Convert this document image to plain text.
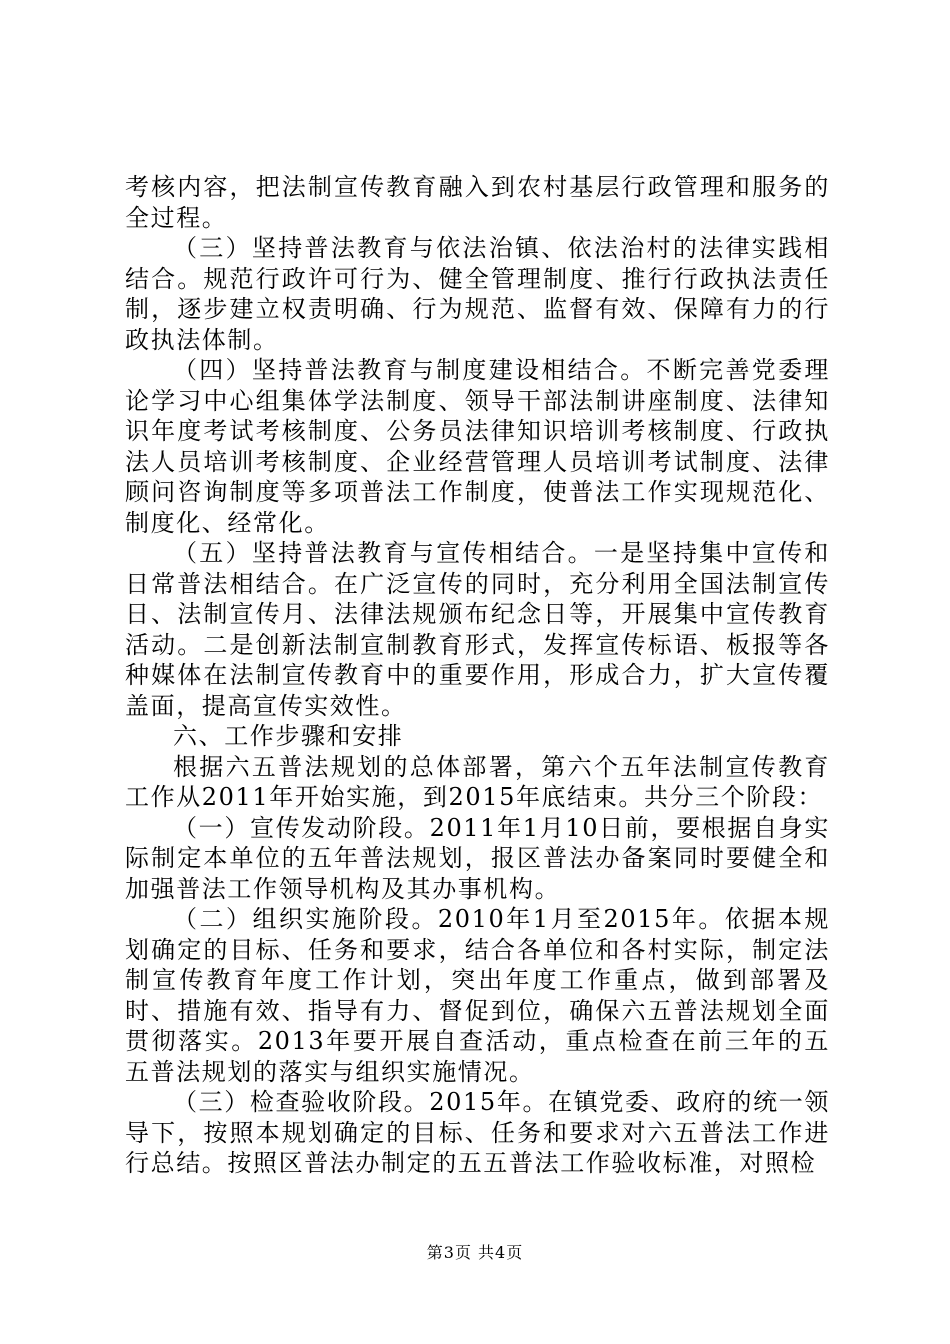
考核内容，把法制宣传教育融入到农村基层行政管理和服务的全过程。

（三）坚持普法教育与依法治镇、依法治村的法律实践相结合。规范行政许可行为、健全管理制度、推行行政执法责任制，逐步建立权责明确、行为规范、监督有效、保障有力的行政执法体制。

（四）坚持普法教育与制度建设相结合。不断完善党委理论学习中心组集体学法制度、领导干部法制讲座制度、法律知识年度考试考核制度、公务员法律知识培训考核制度、行政执法人员培训考核制度、企业经营管理人员培训考试制度、法律顾问咨询制度等多项普法工作制度，使普法工作实现规范化、制度化、经常化。

（五）坚持普法教育与宣传相结合。一是坚持集中宣传和日常普法相结合。在广泛宣传的同时，充分利用全国法制宣传日、法制宣传月、法律法规颁布纪念日等，开展集中宣传教育活动。二是创新法制宣制教育形式，发挥宣传标语、板报等各种媒体在法制宣传教育中的重要作用，形成合力，扩大宣传覆盖面，提高宣传实效性。

六、工作步骤和安排

根据六五普法规划的总体部署，第六个五年法制宣传教育工作从2011年开始实施，到2015年底结束。共分三个阶段：

（一）宣传发动阶段。2011年1月10日前，要根据自身实际制定本单位的五年普法规划，报区普法办备案同时要健全和加强普法工作领导机构及其办事机构。

（二）组织实施阶段。2010年1月至2015年。依据本规划确定的目标、任务和要求，结合各单位和各村实际，制定法制宣传教育年度工作计划，突出年度工作重点，做到部署及时、措施有效、指导有力、督促到位，确保六五普法规划全面贯彻落实。2013年要开展自查活动，重点检查在前三年的五五普法规划的落实与组织实施情况。

（三）检查验收阶段。2015年。在镇党委、政府的统一领导下，按照本规划确定的目标、任务和要求对六五普法工作进行总结。按照区普法办制定的五五普法工作验收标准，对照检

第3页 共4页
